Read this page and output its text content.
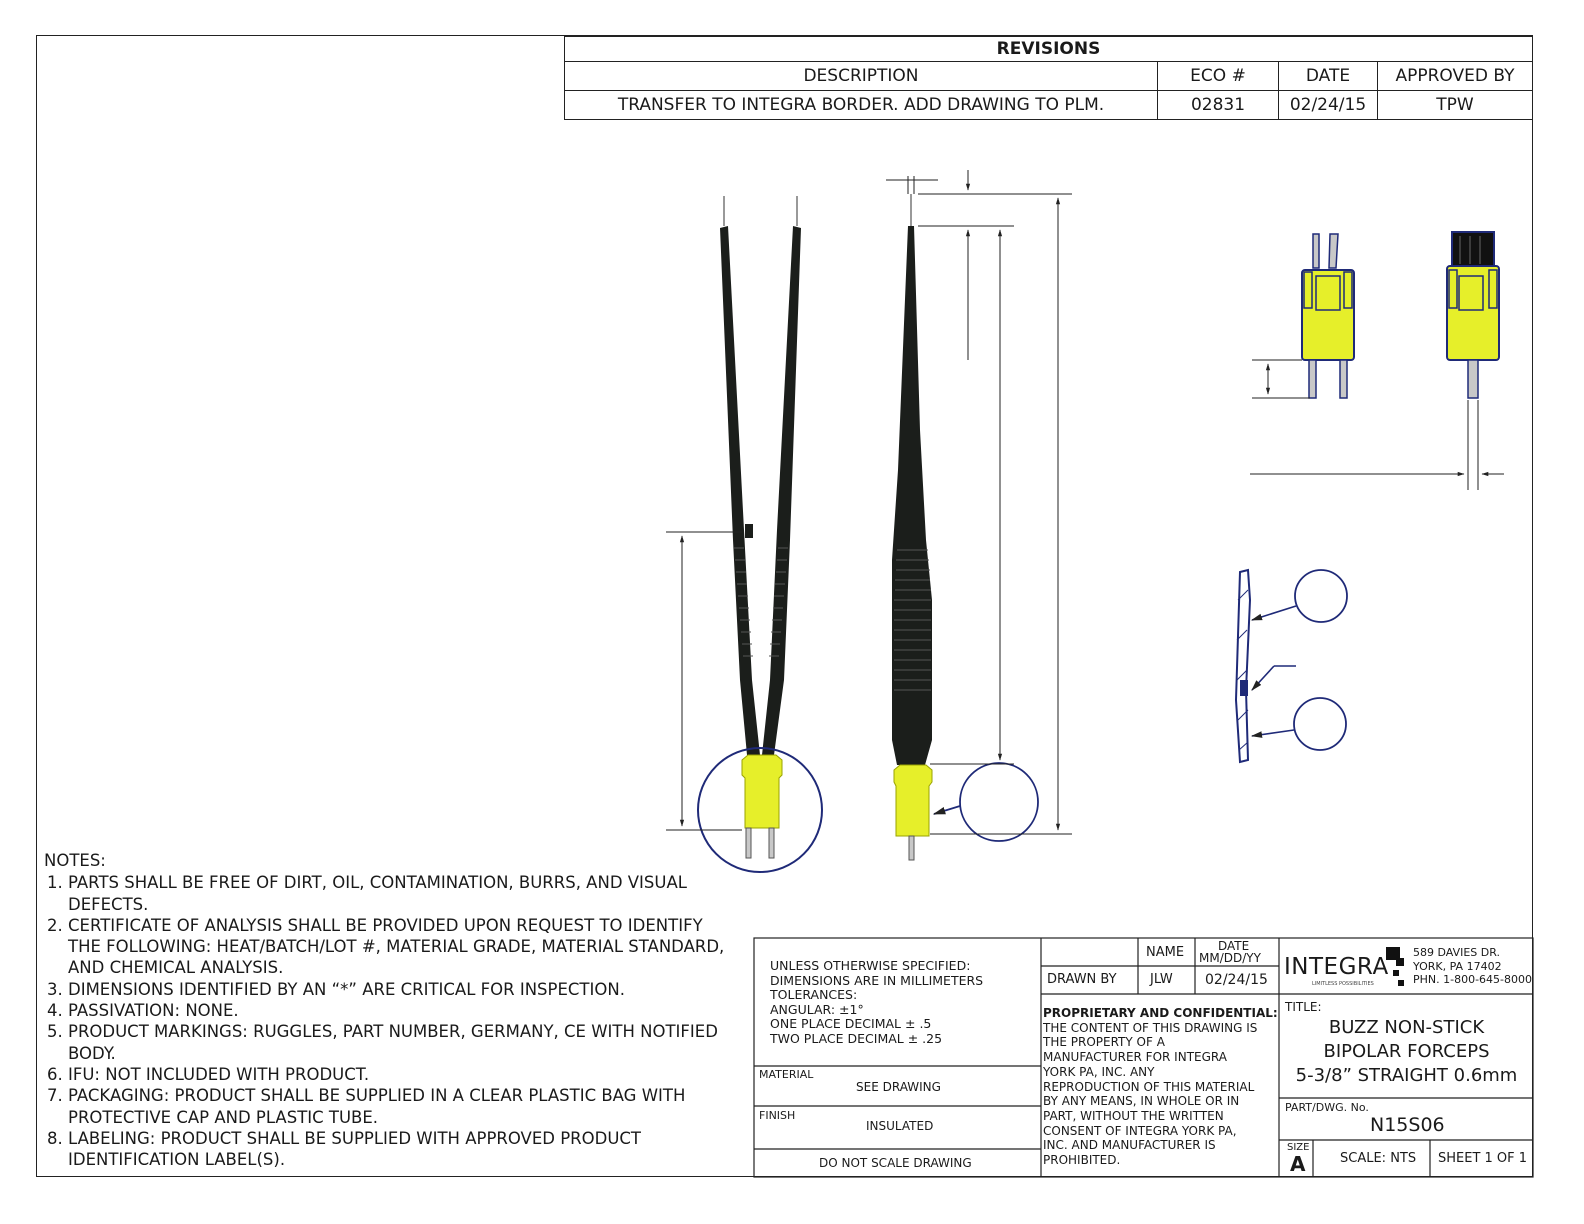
REVISIONS			
DESCRIPTION	ECO #	DATE	APPROVED BY
TRANSFER TO INTEGRA BORDER. ADD DRAWING TO PLM.	02831	02/24/15	TPW
NOTES:
1. PARTS SHALL BE FREE OF DIRT, OIL, CONTAMINATION, BURRS, AND VISUAL DEFECTS.
2. CERTIFICATE OF ANALYSIS SHALL BE PROVIDED UPON REQUEST TO IDENTIFY THE FOLLOWING: HEAT/BATCH/LOT #, MATERIAL GRADE, MATERIAL STANDARD, AND CHEMICAL ANALYSIS.
3. DIMENSIONS IDENTIFIED BY AN “*” ARE CRITICAL FOR INSPECTION.
4. PASSIVATION: NONE.
5. PRODUCT MARKINGS: RUGGLES, PART NUMBER, GERMANY, CE WITH NOTIFIED BODY.
6. IFU: NOT INCLUDED WITH PRODUCT.
7. PACKAGING: PRODUCT SHALL BE SUPPLIED IN A CLEAR PLASTIC BAG WITH PROTECTIVE CAP AND PLASTIC TUBE.
8. LABELING: PRODUCT SHALL BE SUPPLIED WITH APPROVED PRODUCT IDENTIFICATION LABEL(S).
UNLESS OTHERWISE SPECIFIED:
DIMENSIONS ARE IN MILLIMETERS
TOLERANCES:
ANGULAR: ±1°
ONE PLACE DECIMAL ± .5
TWO PLACE DECIMAL ± .25
MATERIAL
SEE DRAWING
FINISH
INSULATED
DO NOT SCALE DRAWING
NAME	DATE
MM/DD/YY
DRAWN BY	JLW 02/24/15
PROPRIETARY AND CONFIDENTIAL:
THE CONTENT OF THIS DRAWING IS
THE PROPERTY OF A
MANUFACTURER FOR INTEGRA
YORK PA, INC. ANY
REPRODUCTION OF THIS MATERIAL
BY ANY MEANS, IN WHOLE OR IN
PART, WITHOUT THE WRITTEN
CONSENT OF INTEGRA YORK PA,
INC. AND MANUFACTURER IS
PROHIBITED.
INTEGRA
LIMITLESS POSSIBILITIES
589 DAVIES DR.
YORK, PA 17402
PHN. 1-800-645-8000
TITLE:
BUZZ NON-STICK
BIPOLAR FORCEPS
5-3/8” STRAIGHT 0.6mm
PART/DWG. No.
N15S06
SIZE
A	SCALE: NTS SHEET 1 OF 1
